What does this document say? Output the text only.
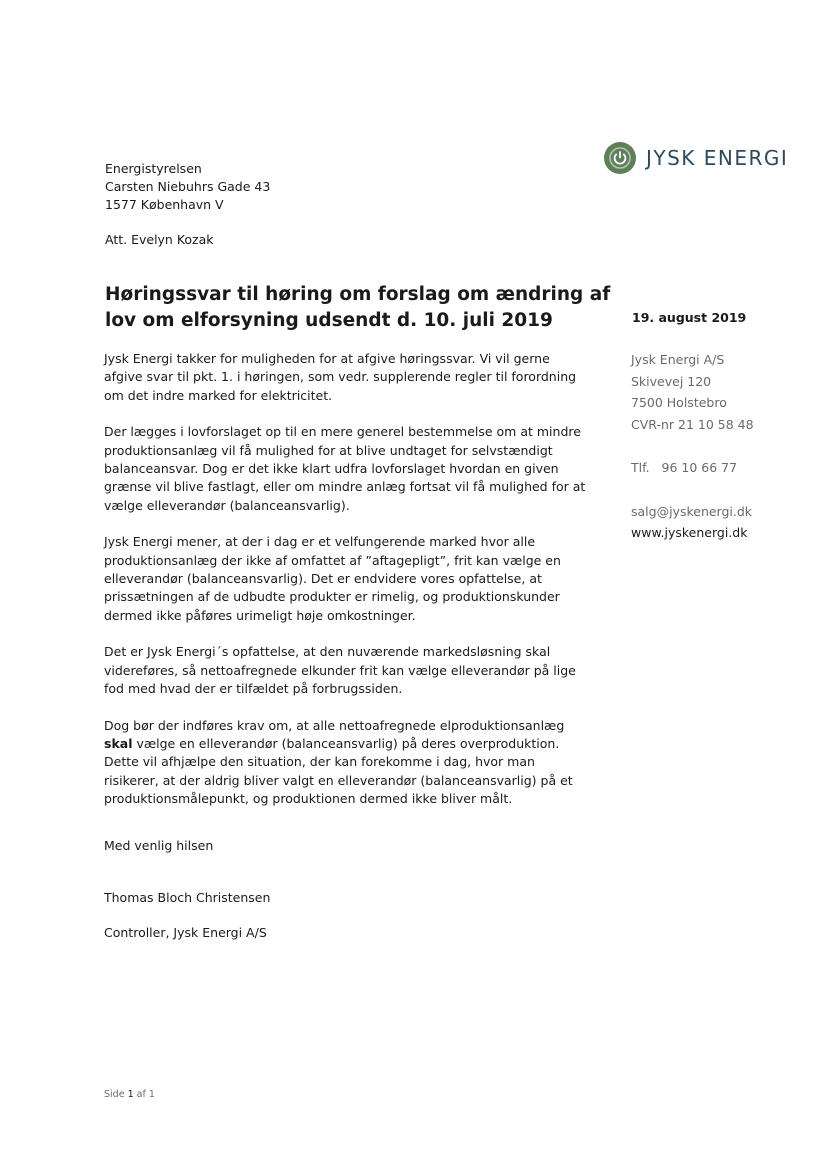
JYSK ENERGI
Energistyrelsen
Carsten Niebuhrs Gade 43
1577 København V
Att. Evelyn Kozak
Høringssvar til høring om forslag om ændring af
lov om elforsyning udsendt d. 10. juli 2019	19. august 2019
Jysk Energi A/S
Skivevej 120
7500 Holstebro
CVR-nr 21 10 58 48
Tlf.   96 10 66 77
salg@jyskenergi.dk
www.jyskenergi.dk
Jysk Energi takker for muligheden for at afgive høringssvar. Vi vil gerne
afgive svar til pkt. 1. i høringen, som vedr. supplerende regler til forordning
om det indre marked for elektricitet.
Der lægges i lovforslaget op til en mere generel bestemmelse om at mindre
produktionsanlæg vil få mulighed for at blive undtaget for selvstændigt
balanceansvar. Dog er det ikke klart udfra lovforslaget hvordan en given
grænse vil blive fastlagt, eller om mindre anlæg fortsat vil få mulighed for at
vælge elleverandør (balanceansvarlig).
Jysk Energi mener, at der i dag er et velfungerende marked hvor alle
produktionsanlæg der ikke af omfattet af ”aftagepligt”, frit kan vælge en
elleverandør (balanceansvarlig). Det er endvidere vores opfattelse, at
prissætningen af de udbudte produkter er rimelig, og produktionskunder
dermed ikke påføres urimeligt høje omkostninger.
Det er Jysk Energi´s opfattelse, at den nuværende markedsløsning skal
videreføres, så nettoafregnede elkunder frit kan vælge elleverandør på lige
fod med hvad der er tilfældet på forbrugssiden.
Dog bør der indføres krav om, at alle nettoafregnede elproduktionsanlæg
skal vælge en elleverandør (balanceansvarlig) på deres overproduktion.
Dette vil afhjælpe den situation, der kan forekomme i dag, hvor man
risikerer, at der aldrig bliver valgt en elleverandør (balanceansvarlig) på et
produktionsmålepunkt, og produktionen dermed ikke bliver målt.
Med venlig hilsen
Thomas Bloch Christensen
Controller, Jysk Energi A/S
Side 1 af 1
